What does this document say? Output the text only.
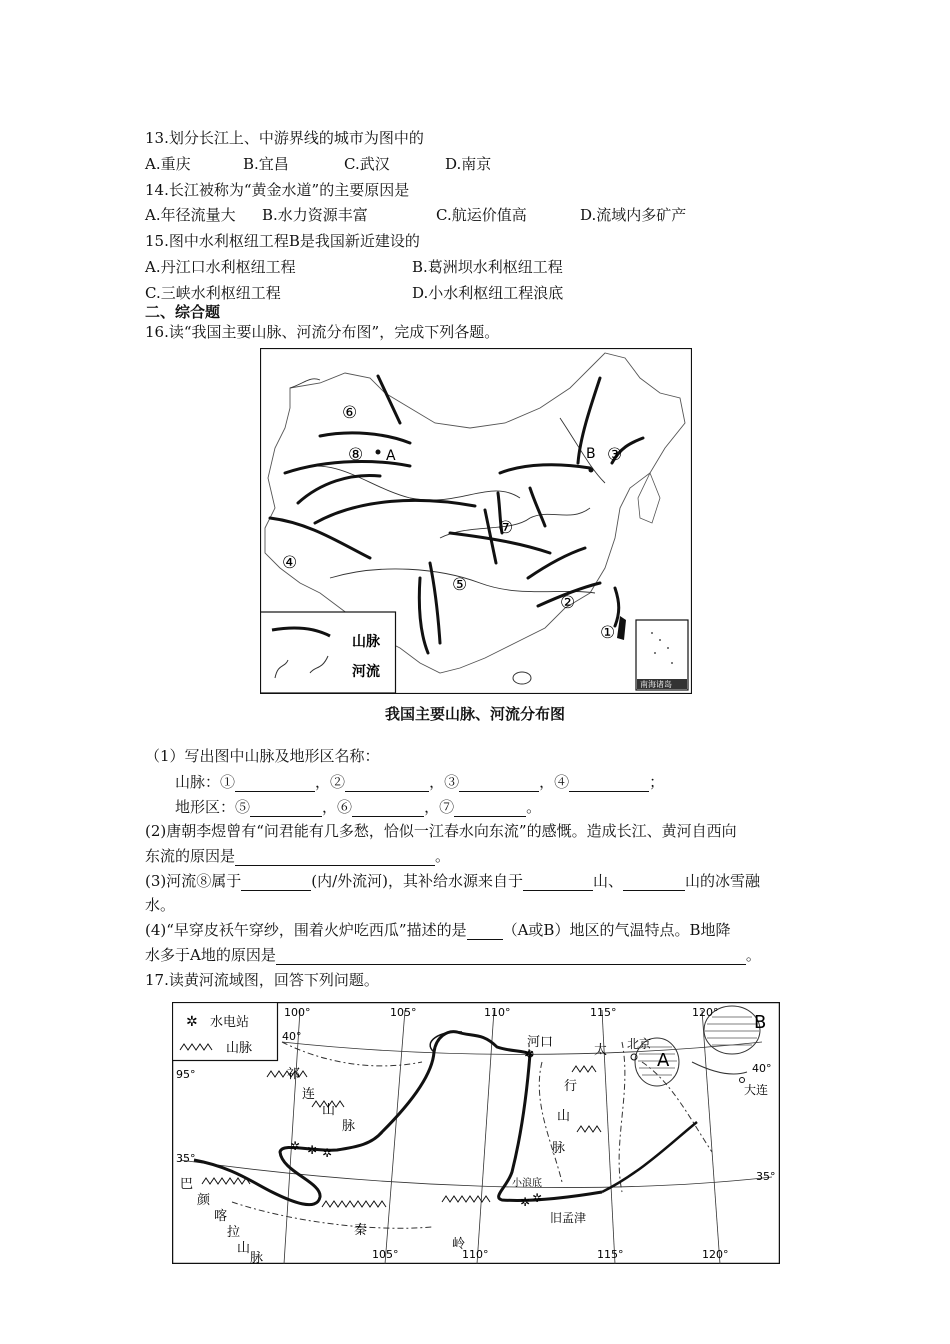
13.划分长江上、中游界线的城市为图中的
A.重庆	B.宜昌	C.武汉	D.南京
14.长江被称为“黄金水道”的主要原因是
A.年径流量大 B.水力资源丰富	C.航运价值高	D.流域内多矿产
15.图中水利枢纽工程B是我国新近建设的
A.丹江口水利枢纽工程	B.葛洲坝水利枢纽工程
C.三峡水利枢纽工程	D.小水利枢纽工程浪底
二、综合题
16.读“我国主要山脉、河流分布图”，完成下列各题。
⑥
⑧ A	B ③
⑦
④
⑤
②
①
山脉
河流
南海诸岛
我国主要山脉、河流分布图
（1）写出图中山脉及地形区名称：
山脉：①	，②	，③	，④	；
地形区：⑤	，⑥	，⑦	。
(2)唐朝李煜曾有“问君能有几多愁，恰似一江春水向东流”的感慨。造成长江、黄河自西向
东流的原因是	。
(3)河流⑧属于	(内/外流河)，其补给水源来自于	山、	山的冰雪融
水。
(4)“早穿皮袄午穿纱，围着火炉吃西瓜”描述的是 （A或B）地区的气温特点。B地降
水多于A地的原因是	。
17.读黄河流域图，回答下列问题。
✲ 水电站
山脉
100°	105°	110°	115°	120°
105°	110°	115°	120°
40°
95°
35°
35°
40°
河口	北京
A
B
大连
太
行
山
脉
祁
连
山
脉
巴
颜
喀
拉
山
脉
秦
岭
小浪底
旧孟津
✲ ✲ ✲
✲ ✲
✲
